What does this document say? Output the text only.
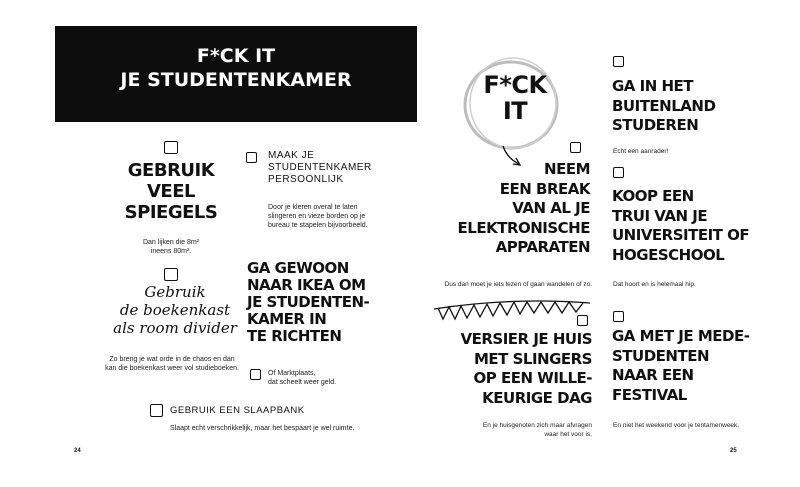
F*CK IT
JE STUDENTENKAMER
GEBRUIK
VEEL
SPIEGELS
Dan lijken die 8m²
ineens 80m².
MAAK JE
STUDENTENKAMER
PERSOONLIJK
Door je kleren overal te laten
slingeren en vieze borden op je
bureau te stapelen bijvoorbeeld.
Gebruik
de boekenkast
als room divider
Zo breng je wat orde in de chaos en dan
kan die boekenkast weer vol studieboeken.
GA GEWOON
NAAR IKEA OM
JE STUDENTEN-
KAMER IN
TE RICHTEN
Of Marktplaats,
dat scheelt weer geld.
GEBRUIK EEN SLAAPBANK
Slaapt echt verschrikkelijk, maar het bespaart je wel ruimte.
24
F*CK
IT
NEEM
EEN BREAK
VAN AL JE
ELEKTRONISCHE
APPARATEN
Dus dan moet je iets lezen of gaan wandelen of zo.
VERSIER JE HUIS
MET SLINGERS
OP EEN WILLE-
KEURIGE DAG
En je huisgenoten zich maar afvragen
waar het voor is.
GA IN HET
BUITENLAND
STUDEREN
Echt een aanrader!
KOOP EEN
TRUI VAN JE
UNIVERSITEIT OF
HOGESCHOOL
Dat hoort en is helemaal hip.
GA MET JE MEDE-
STUDENTEN
NAAR EEN
FESTIVAL
En niet het weekend voor je tentamenweek.
25
